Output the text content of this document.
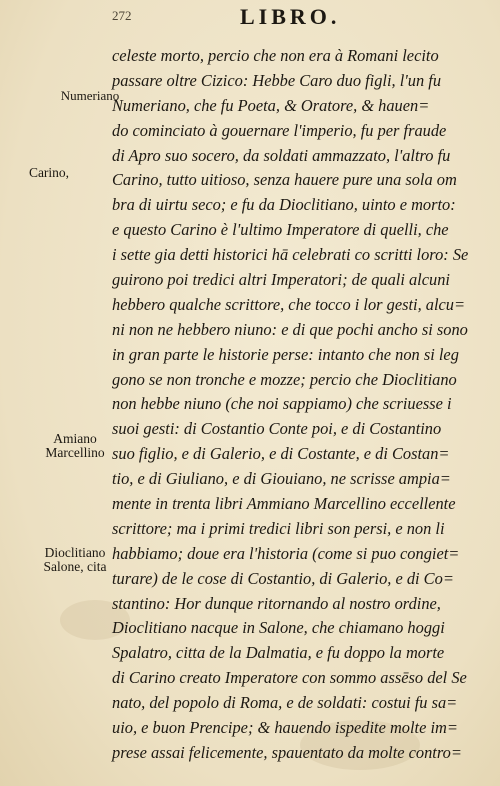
272	LIBRO.
Numeriano
Carino,
Amiano
Marcellino
Dioclitiano
Salone, cita
celeste morto, percio che non era à Romani lecito
passare oltre Cizico: Hebbe Caro duo figli, l'un fu
Numeriano, che fu Poeta, & Oratore, & hauen=
do cominciato à gouernare l'imperio, fu per fraude
di Apro suo socero, da soldati ammazzato, l'altro fu
Carino, tutto uitioso, senza hauere pure una sola om
bra di uirtu seco; e fu da Dioclitiano, uinto e morto:
e questo Carino è l'ultimo Imperatore di quelli, che
i sette gia detti historici hā celebrati co scritti loro: Se
guirono poi tredici altri Imperatori; de quali alcuni
hebbero qualche scrittore, che tocco i lor gesti, alcu=
ni non ne hebbero niuno: e di que pochi ancho si sono
in gran parte le historie perse: intanto che non si leg
gono se non tronche e mozze; percio che Dioclitiano
non hebbe niuno (che noi sappiamo) che scriuesse i
suoi gesti: di Costantio Conte poi, e di Costantino
suo figlio, e di Galerio, e di Costante, e di Costan=
tio, e di Giuliano, e di Giouiano, ne scrisse ampia=
mente in trenta libri Ammiano Marcellino eccellente
scrittore; ma i primi tredici libri son persi, e non li
habbiamo; doue era l'historia (come si puo congiet=
turare) de le cose di Costantio, di Galerio, e di Co=
stantino: Hor dunque ritornando al nostro ordine,
Dioclitiano nacque in Salone, che chiamano hoggi
Spalatro, citta de la Dalmatia, e fu doppo la morte
di Carino creato Imperatore con sommo assēso del Se
nato, del popolo di Roma, e de soldati: costui fu sa=
uio, e buon Prencipe; & hauendo ispedite molte im=
prese assai felicemente, spauentato da molte contro=
